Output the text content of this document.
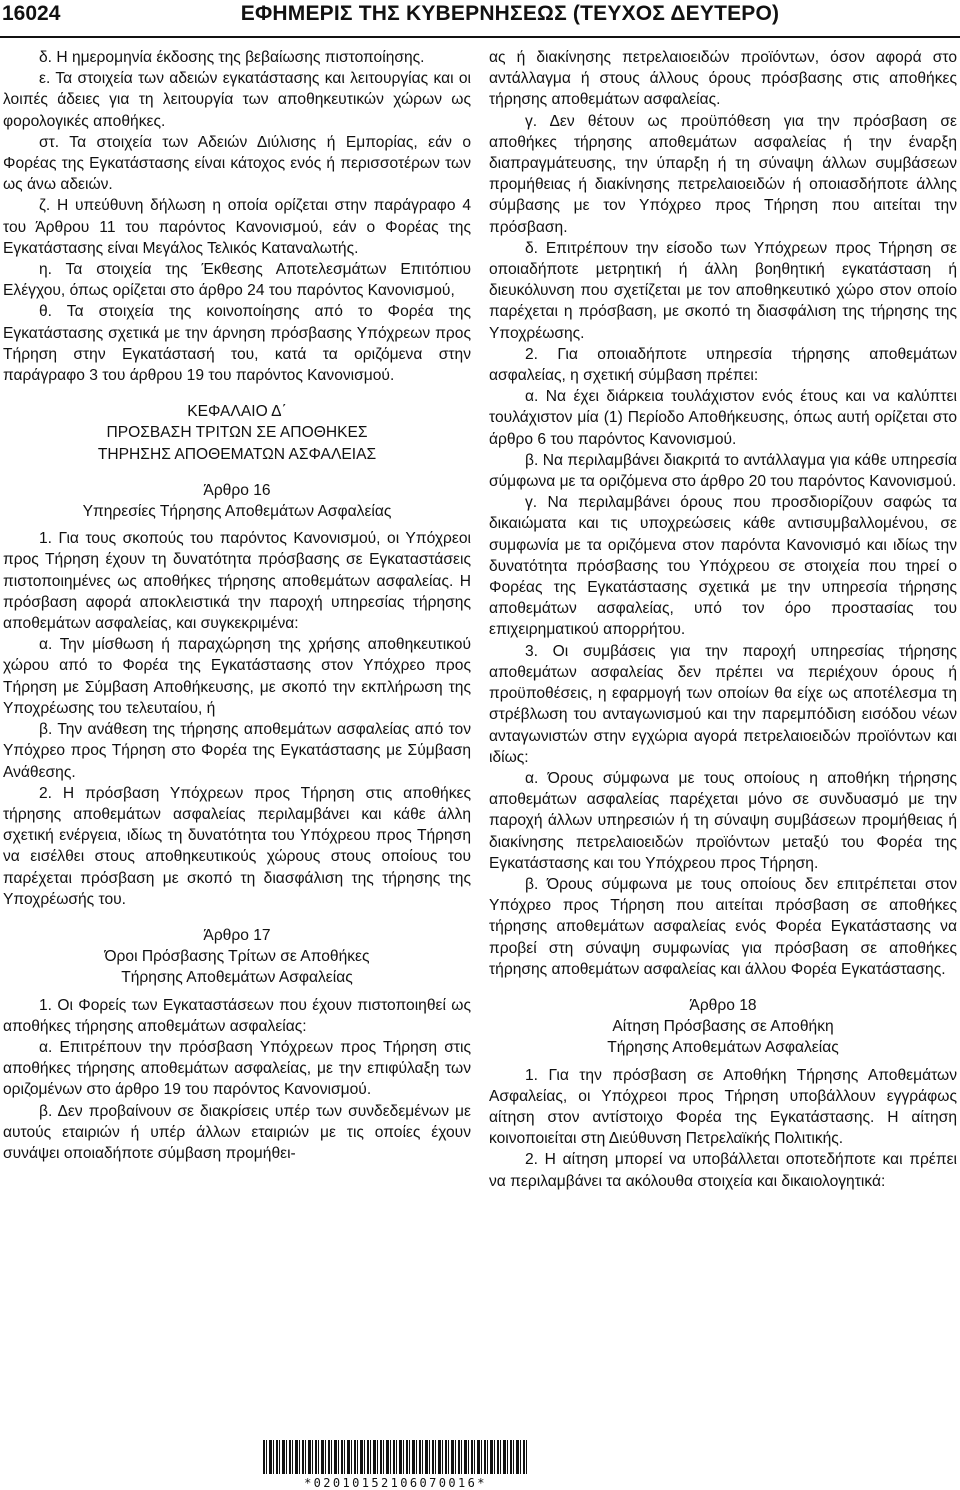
16024	ΕΦΗΜΕΡΙΣ ΤΗΣ ΚΥΒΕΡΝΗΣΕΩΣ (ΤΕΥΧΟΣ ΔΕΥΤΕΡΟ)

δ. Η ημερομηνία έκδοσης της βεβαίωσης πιστοποίησης.

ε. Τα στοιχεία των αδειών εγκατάστασης και λειτουργίας και οι λοιπές άδειες για τη λειτουργία των αποθηκευτικών χώρων ως φορολογικές αποθήκες.

στ. Τα στοιχεία των Αδειών Διύλισης ή Εμπορίας, εάν ο Φορέας της Εγκατάστασης είναι κάτοχος ενός ή περισσοτέρων των ως άνω αδειών.

ζ. Η υπεύθυνη δήλωση η οποία ορίζεται στην παράγραφο 4 του Άρθρου 11 του παρόντος Κανονισμού, εάν ο Φορέας της Εγκατάστασης είναι Μεγάλος Τελικός Καταναλωτής.

η. Τα στοιχεία της Έκθεσης Αποτελεσμάτων Επιτόπιου Ελέγχου, όπως ορίζεται στο άρθρο 24 του παρόντος Κανονισμού,

θ. Τα στοιχεία της κοινοποίησης από το Φορέα της Εγκατάστασης σχετικά με την άρνηση πρόσβασης Υπόχρεων προς Τήρηση στην Εγκατάστασή του, κατά τα οριζόμενα στην παράγραφο 3 του άρθρου 19 του παρόντος Κανονισμού.

ΚΕΦΑΛΑΙΟ Δ΄

ΠΡΟΣΒΑΣΗ ΤΡΙΤΩΝ ΣΕ ΑΠΟΘΗΚΕΣ

ΤΗΡΗΣΗΣ ΑΠΟΘΕΜΑΤΩΝ ΑΣΦΑΛΕΙΑΣ

Άρθρο 16

Υπηρεσίες Τήρησης Αποθεμάτων Ασφαλείας

1. Για τους σκοπούς του παρόντος Κανονισμού, οι Υπόχρεοι προς Τήρηση έχουν τη δυνατότητα πρόσβασης σε Εγκαταστάσεις πιστοποιημένες ως αποθήκες τήρησης αποθεμάτων ασφαλείας. Η πρόσβαση αφορά αποκλειστικά την παροχή υπηρεσίας τήρησης αποθεμάτων ασφαλείας, και συγκεκριμένα:

α. Την μίσθωση ή παραχώρηση της χρήσης αποθηκευτικού χώρου από το Φορέα της Εγκατάστασης στον Υπόχρεο προς Τήρηση με Σύμβαση Αποθήκευσης, με σκοπό την εκπλήρωση της Υποχρέωσης του τελευταίου, ή

β. Την ανάθεση της τήρησης αποθεμάτων ασφαλείας από τον Υπόχρεο προς Τήρηση στο Φορέα της Εγκατάστασης με Σύμβαση Ανάθεσης.

2. Η πρόσβαση Υπόχρεων προς Τήρηση στις αποθήκες τήρησης αποθεμάτων ασφαλείας περιλαμβάνει και κάθε άλλη σχετική ενέργεια, ιδίως τη δυνατότητα του Υπόχρεου προς Τήρηση να εισέλθει στους αποθηκευτικούς χώρους στους οποίους του παρέχεται πρόσβαση με σκοπό τη διασφάλιση της τήρησης της Υποχρέωσής του.

Άρθρο 17

Όροι Πρόσβασης Τρίτων σε Αποθήκες

Τήρησης Αποθεμάτων Ασφαλείας

1. Οι Φορείς των Εγκαταστάσεων που έχουν πιστοποιηθεί ως αποθήκες τήρησης αποθεμάτων ασφαλείας:

α. Επιτρέπουν την πρόσβαση Υπόχρεων προς Τήρηση στις αποθήκες τήρησης αποθεμάτων ασφαλείας, με την επιφύλαξη των οριζομένων στο άρθρο 19 του παρόντος Κανονισμού.

β. Δεν προβαίνουν σε διακρίσεις υπέρ των συνδεδεμένων με αυτούς εταιριών ή υπέρ άλλων εταιριών με τις οποίες έχουν συνάψει οποιαδήποτε σύμβαση προμήθει-

ας ή διακίνησης πετρελαιοειδών προϊόντων, όσον αφορά στο αντάλλαγμα ή στους άλλους όρους πρόσβασης στις αποθήκες τήρησης αποθεμάτων ασφαλείας.

γ. Δεν θέτουν ως προϋπόθεση για την πρόσβαση σε αποθήκες τήρησης αποθεμάτων ασφαλείας ή την έναρξη διαπραγμάτευσης, την ύπαρξη ή τη σύναψη άλλων συμβάσεων προμήθειας ή διακίνησης πετρελαιοειδών ή οποιασδήποτε άλλης σύμβασης με τον Υπόχρεο προς Τήρηση που αιτείται την πρόσβαση.

δ. Επιτρέπουν την είσοδο των Υπόχρεων προς Τήρηση σε οποιαδήποτε μετρητική ή άλλη βοηθητική εγκατάσταση ή διευκόλυνση που σχετίζεται με τον αποθηκευτικό χώρο στον οποίο παρέχεται η πρόσβαση, με σκοπό τη διασφάλιση της τήρησης της Υποχρέωσης.

2. Για οποιαδήποτε υπηρεσία τήρησης αποθεμάτων ασφαλείας, η σχετική σύμβαση πρέπει:

α. Να έχει διάρκεια τουλάχιστον ενός έτους και να καλύπτει τουλάχιστον μία (1) Περίοδο Αποθήκευσης, όπως αυτή ορίζεται στο άρθρο 6 του παρόντος Κανονισμού.

β. Να περιλαμβάνει διακριτά το αντάλλαγμα για κάθε υπηρεσία σύμφωνα με τα οριζόμενα στο άρθρο 20 του παρόντος Κανονισμού.

γ. Να περιλαμβάνει όρους που προσδιορίζουν σαφώς τα δικαιώματα και τις υποχρεώσεις κάθε αντισυμβαλλομένου, σε συμφωνία με τα οριζόμενα στον παρόντα Κανονισμό και ιδίως την δυνατότητα πρόσβασης του Υπόχρεου σε στοιχεία που τηρεί ο Φορέας της Εγκατάστασης σχετικά με την υπηρεσία τήρησης αποθεμάτων ασφαλείας, υπό τον όρο προστασίας του επιχειρηματικού απορρήτου.

3. Οι συμβάσεις για την παροχή υπηρεσίας τήρησης αποθεμάτων ασφαλείας δεν πρέπει να περιέχουν όρους ή προϋποθέσεις, η εφαρμογή των οποίων θα είχε ως αποτέλεσμα τη στρέβλωση του ανταγωνισμού και την παρεμπόδιση εισόδου νέων ανταγωνιστών στην εγχώρια αγορά πετρελαιοειδών προϊόντων και ιδίως:

α. Όρους σύμφωνα με τους οποίους η αποθήκη τήρησης αποθεμάτων ασφαλείας παρέχεται μόνο σε συνδυασμό με την παροχή άλλων υπηρεσιών ή τη σύναψη συμβάσεων προμήθειας ή διακίνησης πετρελαιοειδών προϊόντων μεταξύ του Φορέα της Εγκατάστασης και του Υπόχρεου προς Τήρηση.

β. Όρους σύμφωνα με τους οποίους δεν επιτρέπεται στον Υπόχρεο προς Τήρηση που αιτείται πρόσβαση σε αποθήκες τήρησης αποθεμάτων ασφαλείας ενός Φορέα Εγκατάστασης να προβεί στη σύναψη συμφωνίας για πρόσβαση σε αποθήκες τήρησης αποθεμάτων ασφαλείας και άλλου Φορέα Εγκατάστασης.

Άρθρο 18

Αίτηση Πρόσβασης σε Αποθήκη

Τήρησης Αποθεμάτων Ασφαλείας

1. Για την πρόσβαση σε Αποθήκη Τήρησης Αποθεμάτων Ασφαλείας, οι Υπόχρεοι προς Τήρηση υποβάλλουν εγγράφως αίτηση στον αντίστοιχο Φορέα της Εγκατάστασης. Η αίτηση κοινοποιείται στη Διεύθυνση Πετρελαϊκής Πολιτικής.

2. Η αίτηση μπορεί να υποβάλλεται οποτεδήποτε και πρέπει να περιλαμβάνει τα ακόλουθα στοιχεία και δικαιολογητικά:

*02010152106070016*
